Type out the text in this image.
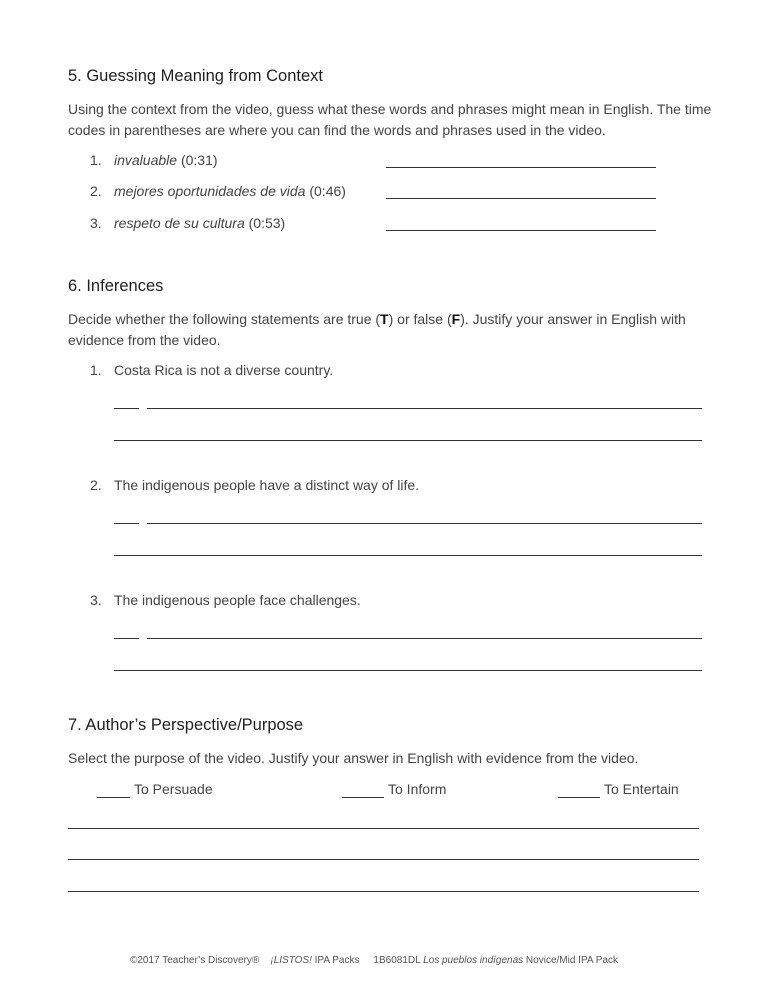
5. Guessing Meaning from Context
Using the context from the video, guess what these words and phrases might mean in English. The time codes in parentheses are where you can find the words and phrases used in the video.
1. invaluable (0:31)
2. mejores oportunidades de vida (0:46)
3. respeto de su cultura (0:53)
6. Inferences
Decide whether the following statements are true (T) or false (F). Justify your answer in English with evidence from the video.
1. Costa Rica is not a diverse country.
2. The indigenous people have a distinct way of life.
3. The indigenous people face challenges.
7. Author’s Perspective/Purpose
Select the purpose of the video. Justify your answer in English with evidence from the video.
To Persuade	To Inform	To Entertain
©2017 Teacher’s Discovery® ¡LISTOS! IPA Packs 1B6081DL Los pueblos indígenas Novice/Mid IPA Pack
